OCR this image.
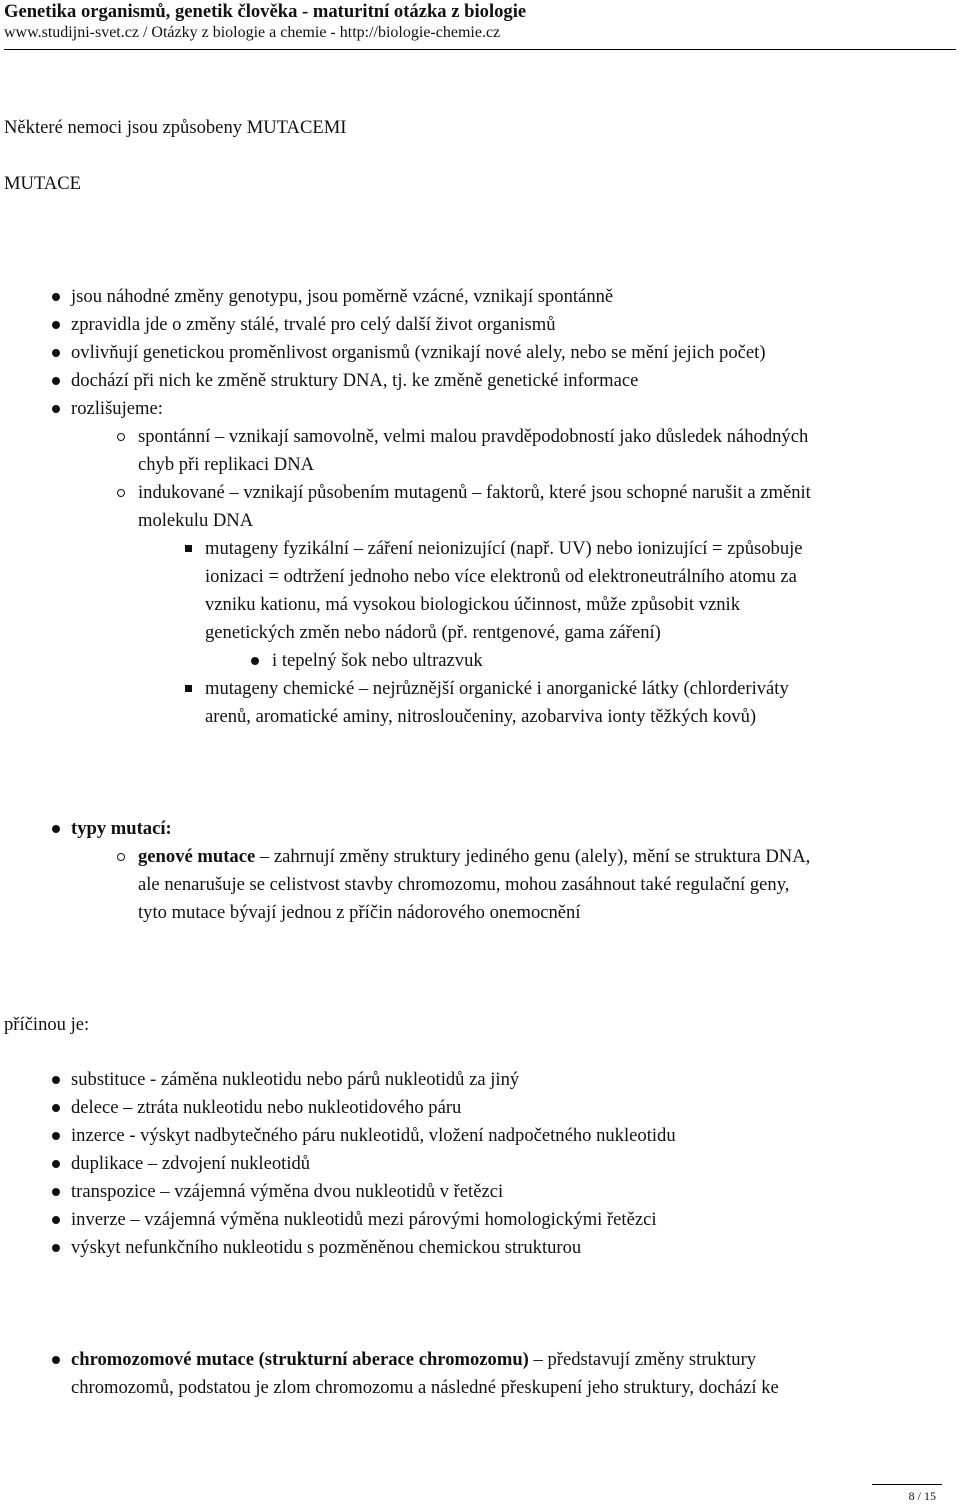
Genetika organismů, genetik člověka - maturitní otázka z biologie
www.studijni-svet.cz / Otázky z biologie a chemie - http://biologie-chemie.cz
Některé nemoci jsou způsobeny MUTACEMI
MUTACE
jsou náhodné změny genotypu, jsou poměrně vzácné, vznikají spontánně
zpravidla jde o změny stálé, trvalé pro celý další život organismů
ovlivňují genetickou proměnlivost organismů (vznikají nové alely, nebo se mění jejich počet)
dochází při nich ke změně struktury DNA, tj. ke změně genetické informace
rozlišujeme:
spontánní – vznikají samovolně, velmi malou pravděpodobností jako důsledek náhodných
chyb při replikaci DNA
indukované – vznikají působením mutagenů – faktorů, které jsou schopné narušit a změnit
molekulu DNA
mutageny fyzikální – záření neionizující (např. UV) nebo ionizující = způsobuje
ionizaci = odtržení jednoho nebo více elektronů od elektroneutrálního atomu za
vzniku kationu, má vysokou biologickou účinnost, může způsobit vznik
genetických změn nebo nádorů (př. rentgenové, gama záření)
i tepelný šok nebo ultrazvuk
mutageny chemické – nejrůznější organické i anorganické látky (chlorderiváty
arenů, aromatické aminy, nitrosloučeniny, azobarviva ionty těžkých kovů)
typy mutací:
genové mutace – zahrnují změny struktury jediného genu (alely), mění se struktura DNA,
ale nenarušuje se celistvost stavby chromozomu, mohou zasáhnout také regulační geny,
tyto mutace bývají jednou z příčin nádorového onemocnění
příčinou je:
substituce - záměna nukleotidu nebo párů nukleotidů za jiný
delece – ztráta nukleotidu nebo nukleotidového páru
inzerce - výskyt nadbytečného páru nukleotidů, vložení nadpočetného nukleotidu
duplikace – zdvojení nukleotidů
transpozice – vzájemná výměna dvou nukleotidů v řetězci
inverze – vzájemná výměna nukleotidů mezi párovými homologickými řetězci
výskyt nefunkčního nukleotidu s pozměněnou chemickou strukturou
chromozomové mutace (strukturní aberace chromozomu) – představují změny struktury
chromozomů, podstatou je zlom chromozomu a následné přeskupení jeho struktury, dochází ke
8 / 15
